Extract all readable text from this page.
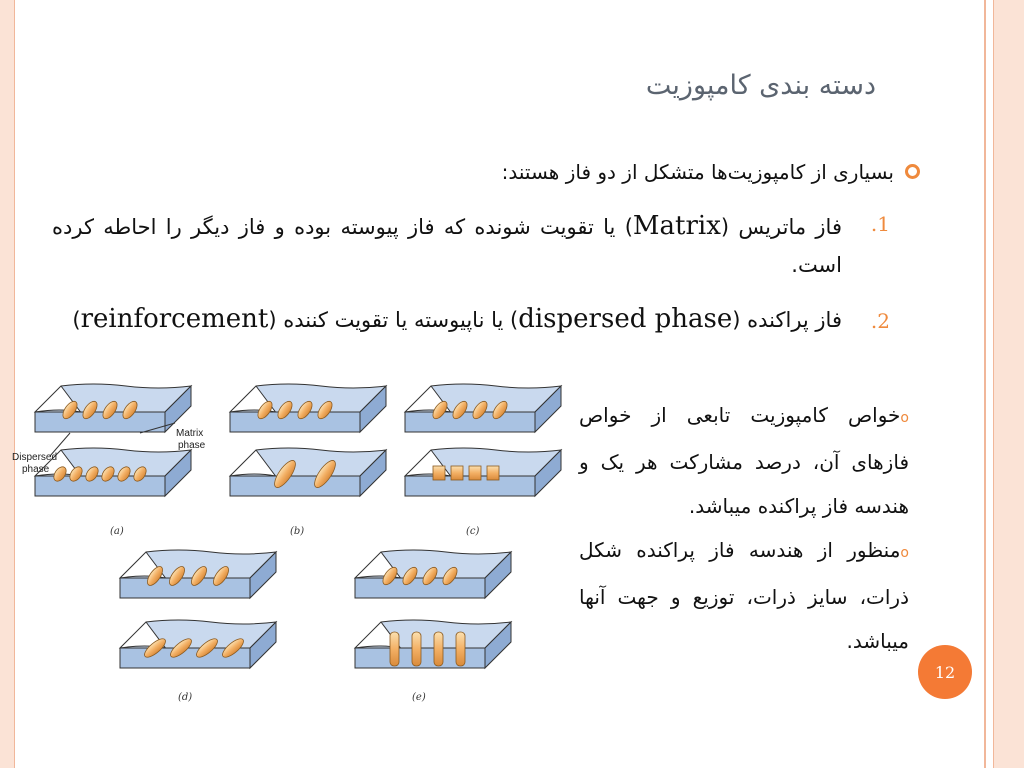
دسته بندی کامپوزیت
بسیاری از کامپوزیت‌ها متشکل از دو فاز هستند:
.1
فاز ماتریس (Matrix) یا تقویت شونده که فاز پیوسته بوده و فاز دیگر را احاطه کرده است.
.2
فاز پراکنده (dispersed phase) یا ناپیوسته یا تقویت کننده (reinforcement)
oخواص کامپوزیت تابعی از خواص فازهای آن، درصد مشارکت هر یک و هندسه فاز پراکنده میباشد.
oمنظور از هندسه فاز پراکنده شکل ذرات، سایز ذرات، توزیع و جهت آنها میباشد.
Matrix
phase
Dispersed
phase
(a)	(b)	(c)
(d)	(e)
12
